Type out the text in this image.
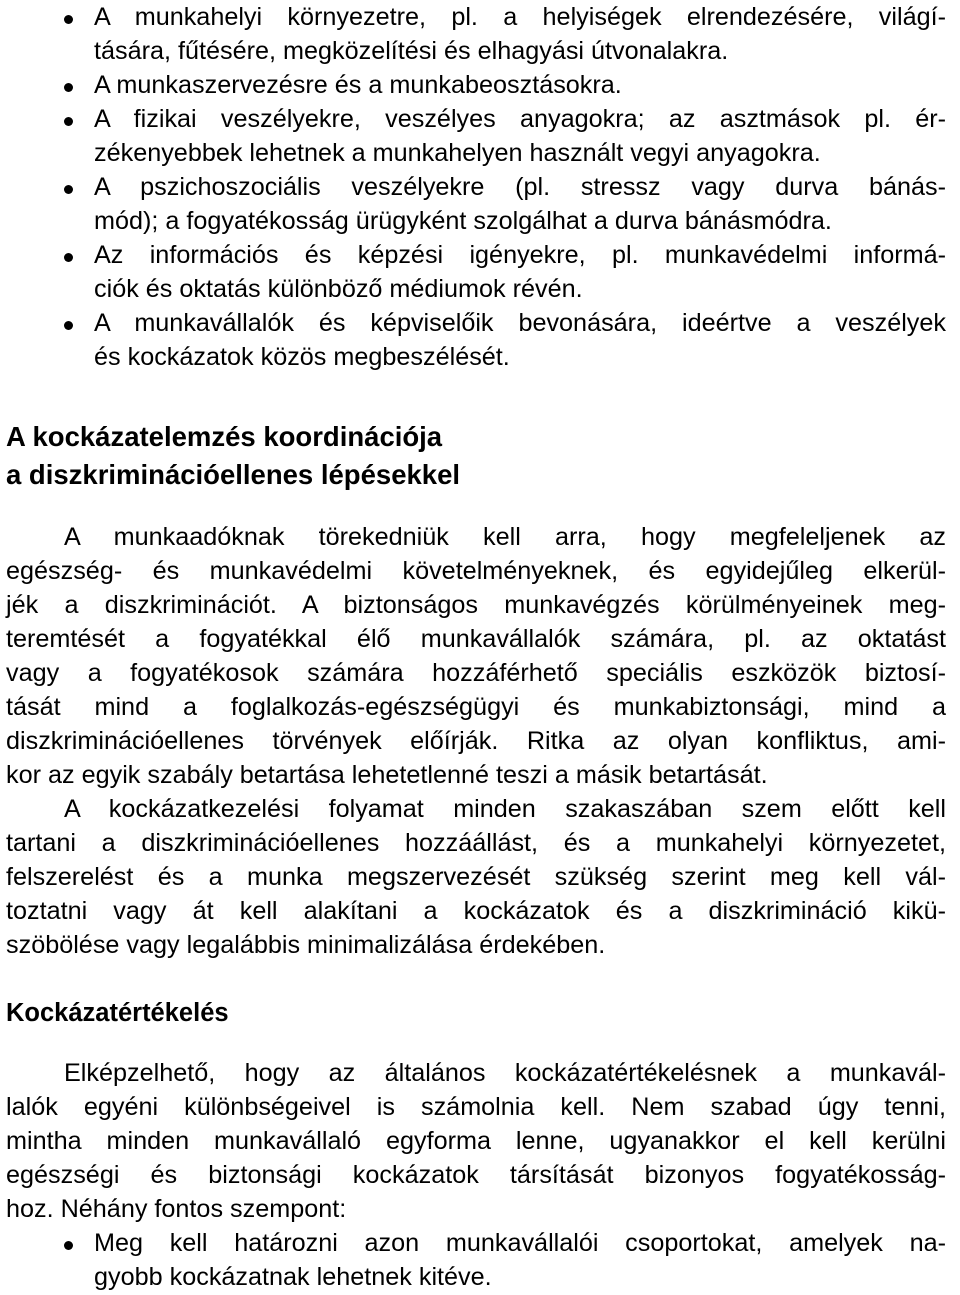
A munkahelyi környezetre, pl. a helyiségek elrendezésére, világí-
tására, fűtésére, megközelítési és elhagyási útvonalakra.
A munkaszervezésre és a munkabeosztásokra.
A fizikai veszélyekre, veszélyes anyagokra; az asztmások pl. ér-
zékenyebbek lehetnek a munkahelyen használt vegyi anyagokra.
A pszichoszociális veszélyekre (pl. stressz vagy durva bánás-
mód); a fogyatékosság ürügyként szolgálhat a durva bánásmódra.
Az információs és képzési igényekre, pl. munkavédelmi informá-
ciók és oktatás különböző médiumok révén.
A munkavállalók és képviselőik bevonására, ideértve a veszélyek
és kockázatok közös megbeszélését.
A kockázatelemzés koordinációja
a diszkriminációellenes lépésekkel
A munkaadóknak törekedniük kell arra, hogy megfeleljenek az
egészség- és munkavédelmi követelményeknek, és egyidejűleg elkerül-
jék a diszkriminációt. A biztonságos munkavégzés körülményeinek meg-
teremtését a fogyatékkal élő munkavállalók számára, pl. az oktatást
vagy a fogyatékosok számára hozzáférhető speciális eszközök biztosí-
tását mind a foglalkozás-egészségügyi és munkabiztonsági, mind a
diszkriminációellenes törvények előírják. Ritka az olyan konfliktus, ami-
kor az egyik szabály betartása lehetetlenné teszi a másik betartását.
A kockázatkezelési folyamat minden szakaszában szem előtt kell
tartani a diszkriminációellenes hozzáállást, és a munkahelyi környezetet,
felszerelést és a munka megszervezését szükség szerint meg kell vál-
toztatni vagy át kell alakítani a kockázatok és a diszkrimináció kikü-
szöbölése vagy legalábbis minimalizálása érdekében.
Kockázatértékelés
Elképzelhető, hogy az általános kockázatértékelésnek a munkavál-
lalók egyéni különbségeivel is számolnia kell. Nem szabad úgy tenni,
mintha minden munkavállaló egyforma lenne, ugyanakkor el kell kerülni
egészségi és biztonsági kockázatok társítását bizonyos fogyatékosság-
hoz. Néhány fontos szempont:
Meg kell határozni azon munkavállalói csoportokat, amelyek na-
gyobb kockázatnak lehetnek kitéve.
